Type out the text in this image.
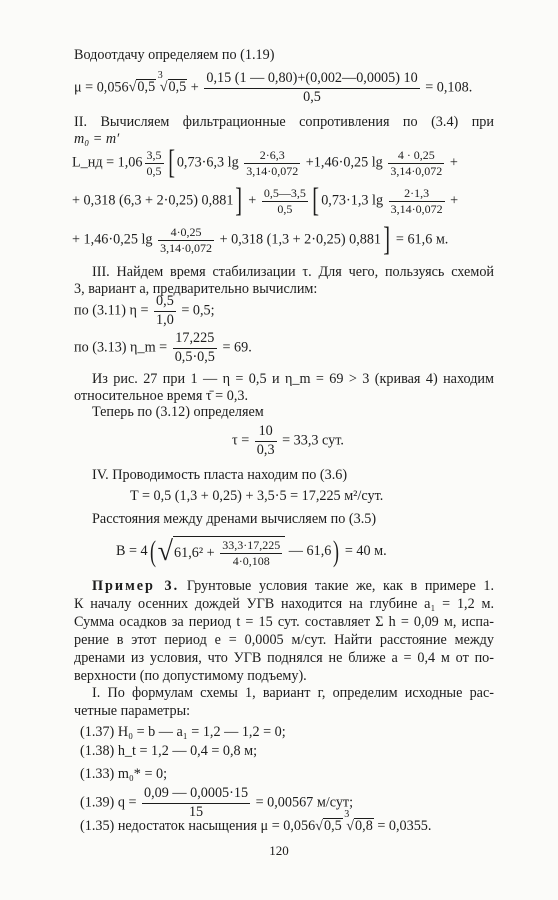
Водоотдачу определяем по (1.19)
μ = 0,056√0,5
3
$√0,5 + \frac{0,15 (1 — 0,80)+(0,002—0,0005) 10}{0,5} = 0,108$.
II. Вычисляем фильтрационные сопротивления по (3.4) при
m₀ = m′
L_нд = $1,06 \frac{3,5}{0,5}$ [ 0,73·6,3 $\lg \frac{2\cdot 6,3}{3,14\cdot 0,072} +1,46\cdot 0,25$ $\lg \frac{4 \cdot 0,25}{3,14\cdot 0,072}$ +
+ 0,318 (6,3 + 2·0,25) $0,881] + \frac{0,5—3,5}{0,5}$ [ 0,73·1,3 $\lg \frac{2\cdot 1,3}{3,14\cdot 0,072}$ +
+ 1,46·0,25 $\lg \frac{4\cdot 0,25}{3,14\cdot 0,072} + 0,318$ (1,3 + 2·0,25) 0,881] = 61,6 м.
III. Найдем время стабилизации τ. Для чего, пользуясь схемой
3, вариант а, предварительно вычислим:
по (3.11) $\eta = \frac{0,5}{1,0} = 0,5$;
по (3.13) η_m = $\frac{17,225}{0,5\cdot 0,5} = 69$.
Из рис. 27 при 1 — η = 0,5 и η_m = 69 > 3 (кривая 4) находим
относительное время τ̄ = 0,3.
Теперь по (3.12) определяем
$\tau = \frac{10}{0,3} = 33,3$ сут.
IV. Проводимость пласта находим по (3.6)
T = 0,5 (1,3 + 0,25) + 3,5·5 = 17,225 м²/сут.
Расстояния между дренами вычисляем по (3.5)
$B = 4(√61,6^2 + \frac{33,3\cdot 17,225}{4\cdot 0,108}$ — 61,6) = 40 м.
Пример 3. Грунтовые условия такие же, как в примере 1.
К началу осенних дождей УГВ находится на глубине a₁ = 1,2 м.
Сумма осадков за период t = 15 сут. составляет Σ h = 0,09 м, испа-
рение в этот период e = 0,0005 м/сут. Найти расстояние между
дренами из условия, что УГВ поднялся не ближе a = 0,4 м от по-
верхности (по допустимому подъему).
I. По формулам схемы 1, вариант г, определим исходные рас-
четные параметры:
(1.37) H₀ = b — a₁ = 1,2 — 1,2 = 0;
(1.38) h_t = 1,2 — 0,4 = 0,8 м;
(1.33) m₀* = 0;
(1.39) $q = \frac{0,09 — 0,0005\cdot 15}{15} = 0,00567$ м/сут;
(1.35) недостаток насыщения μ = 0,056√0,5
3
√0,8 = 0,0355.
120
